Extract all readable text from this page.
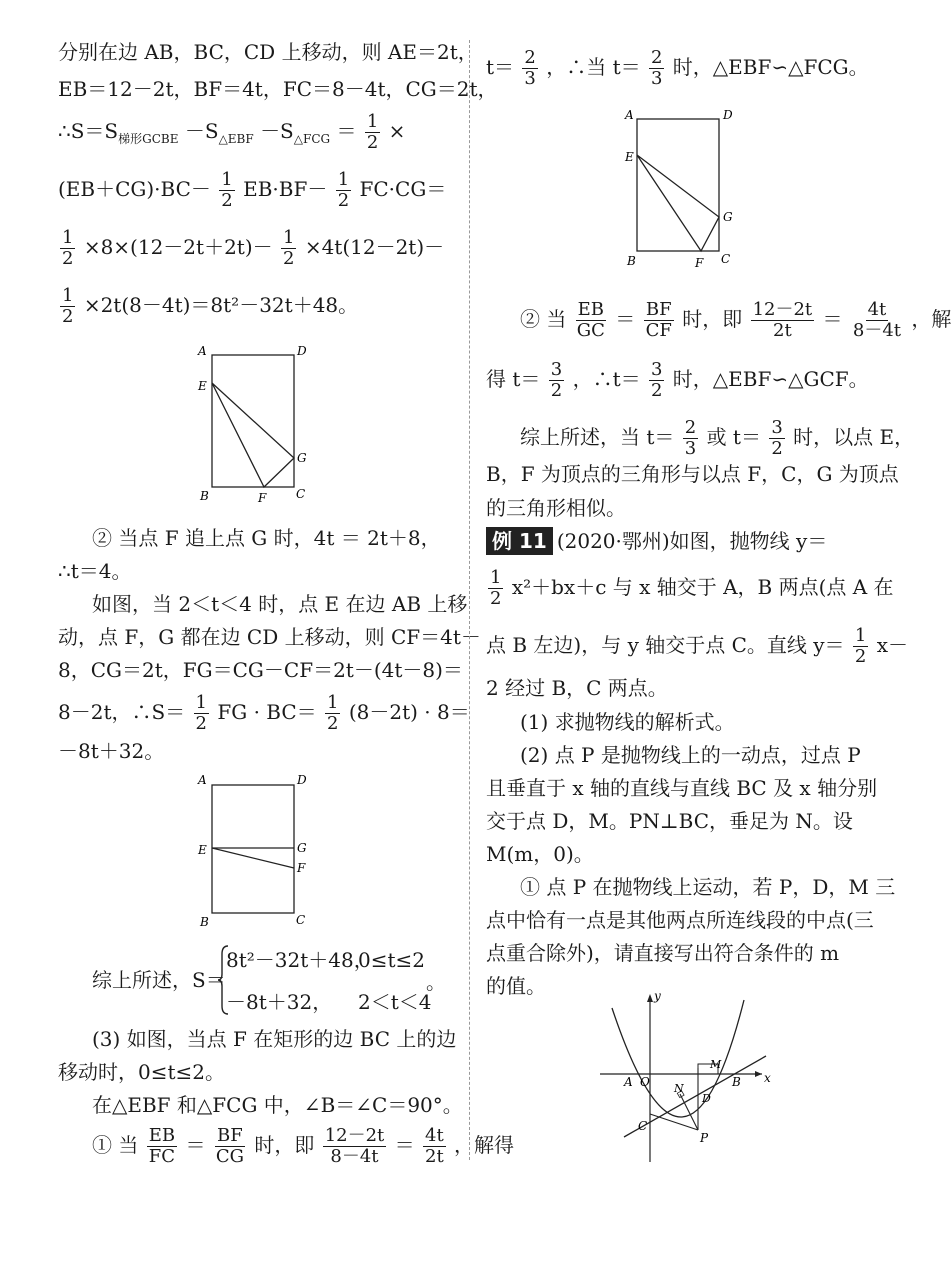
分别在边 AB，BC，CD 上移动，则 AE＝2t，
EB＝12－2t，BF＝4t，FC＝8－4t，CG＝2t，
$\therefore S=S_{梯形GCBE} -S_{\triangle EBF} -S_{\triangle FCG} = \frac{1}{2}$ ×
$(EB+CG)\cdot BC- \frac{1}{2} EB\cdot BF- \frac{1}{2} FC\cdot CG=$
$\frac{1}{2} \times 8\times(12-2t+2t)- \frac{1}{2} \times 4t(12-2t)-$
$\frac{1}{2} \times 2t(8-4t)=8t^2-32t+48$。
A	D
E
G
B	F C
② 当点 F 追上点 G 时，4t ＝ 2t＋8，
∴t＝4。
如图，当 2＜t＜4 时，点 E 在边 AB 上移
动，点 F，G 都在边 CD 上移动，则 CF＝4t－
8，CG＝2t，FG＝CG－CF＝2t－(4t－8)＝
8－2t，∴S＝ $\frac{1}{2}$ FG · $BC= \frac{1}{2} (8-2t) \cdot 8=$
－8t＋32。
A	D
E	G
F
B	C
综上所述，S＝
8t²－32t＋48，
0≤t≤2
－8t＋32， 2＜t＜4
。
(3) 如图，当点 F 在矩形的边 BC 上的边
移动时，0≤t≤2。
在△EBF 和△FCG 中，∠B＝∠C＝90°。
① 当 $\frac{EB}{FC} = \frac{BF}{CG}$ 时，即 $\frac{12-2t}{8-4t} = \frac{4t}{2t}$ ，解得
$t= \frac{2}{3}$ ，∴当 $t= \frac{2}{3}$ 时，△EBF∽△FCG。
A	D
E
G
B	F C
② 当 $\frac{EB}{GC} = \frac{BF}{CF}$ 时，即 $\frac{12-2t}{2t} = \frac{4t}{8-4t}$ ，解
得 $t= \frac{3}{2}$ ，∴t＝ $\frac{3}{2}$ 时，△EBF∽△GCF。
综上所述，当 $t= \frac{2}{3}$ 或 $t= \frac{3}{2}$ 时，以点 E，
B，F 为顶点的三角形与以点 F，C，G 为顶点
的三角形相似。
例 11 (2020·鄂州)如图，抛物线 y＝
$\frac{1}{2} x^2+bx+c$ 与 x 轴交于 A，B 两点(点 A 在
点 B 左边)，与 y 轴交于点 C。直线 $y= \frac{1}{2} x-$
2 经过 B，C 两点。
(1) 求抛物线的解析式。
(2) 点 P 是抛物线上的一动点，过点 P
且垂直于 x 轴的直线与直线 BC 及 x 轴分别
交于点 D，M。PN⊥BC，垂足为 N。设
M(m，0)。
① 点 P 在抛物线上运动，若 P，D，M 三
点中恰有一点是其他两点所连线段的中点(三
点重合除外)，请直接写出符合条件的 m
的值。	y
x
A O	B
M
N
D
C
P
